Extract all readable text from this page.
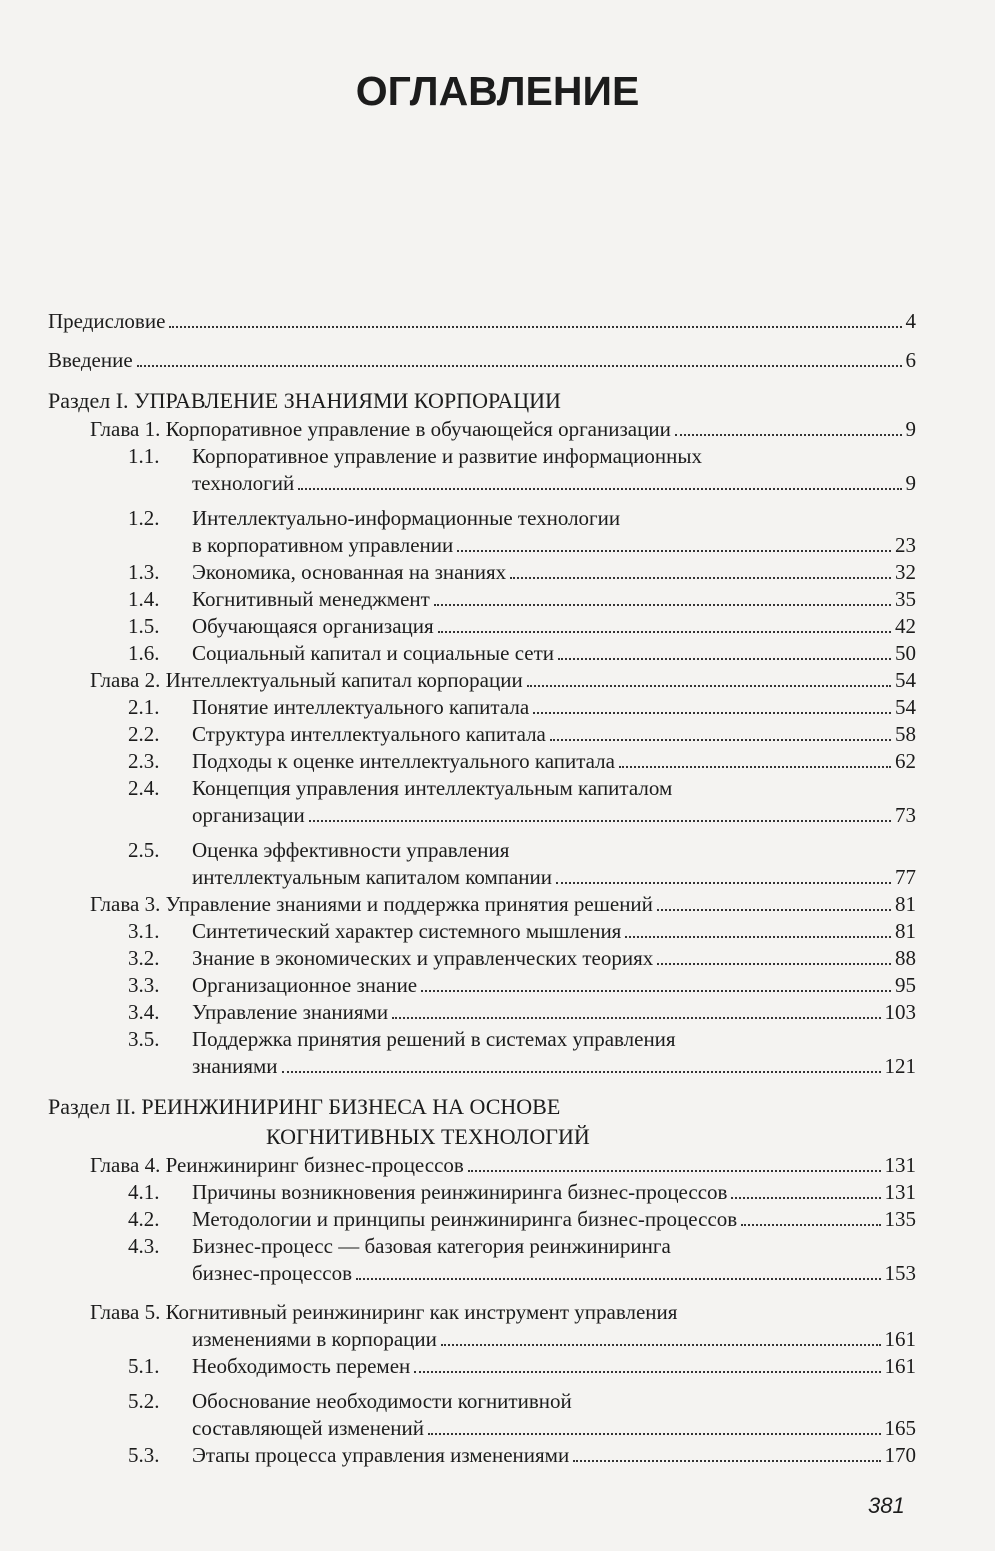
ОГЛАВЛЕНИЕ
Предисловие	4
Введение	6
Раздел I. УПРАВЛЕНИЕ ЗНАНИЯМИ КОРПОРАЦИИ
Глава 1. Корпоративное управление в обучающейся организации	9
1.1.	Корпоративное управление и развитие информационных
технологий	9
1.2.	Интеллектуально-информационные технологии
в корпоративном управлении	23
1.3.	Экономика, основанная на знаниях	32
1.4.	Когнитивный менеджмент	35
1.5.	Обучающаяся организация	42
1.6.	Социальный капитал и социальные сети	50
Глава 2. Интеллектуальный капитал корпорации	54
2.1.	Понятие интеллектуального капитала	54
2.2.	Структура интеллектуального капитала	58
2.3.	Подходы к оценке интеллектуального капитала	62
2.4.	Концепция управления интеллектуальным капиталом
организации	73
2.5.	Оценка эффективности управления
интеллектуальным капиталом компании	77
Глава 3. Управление знаниями и поддержка принятия решений	81
3.1.	Синтетический характер системного мышления	81
3.2.	Знание в экономических и управленческих теориях	88
3.3.	Организационное знание	95
3.4.	Управление знаниями	103
3.5.	Поддержка принятия решений в системах управления
знаниями	121
Раздел II. РЕИНЖИНИРИНГ БИЗНЕСА НА ОСНОВЕ
КОГНИТИВНЫХ ТЕХНОЛОГИЙ
Глава 4. Реинжиниринг бизнес-процессов	131
4.1.	Причины возникновения реинжиниринга бизнес-процессов	131
4.2.	Методологии и принципы реинжиниринга бизнес-процессов	135
4.3.	Бизнес-процесс — базовая категория реинжиниринга
бизнес-процессов	153
Глава 5. Когнитивный реинжиниринг как инструмент управления
изменениями в корпорации	161
5.1.	Необходимость перемен	161
5.2.	Обоснование необходимости когнитивной
составляющей изменений	165
5.3.	Этапы процесса управления изменениями	170
381
